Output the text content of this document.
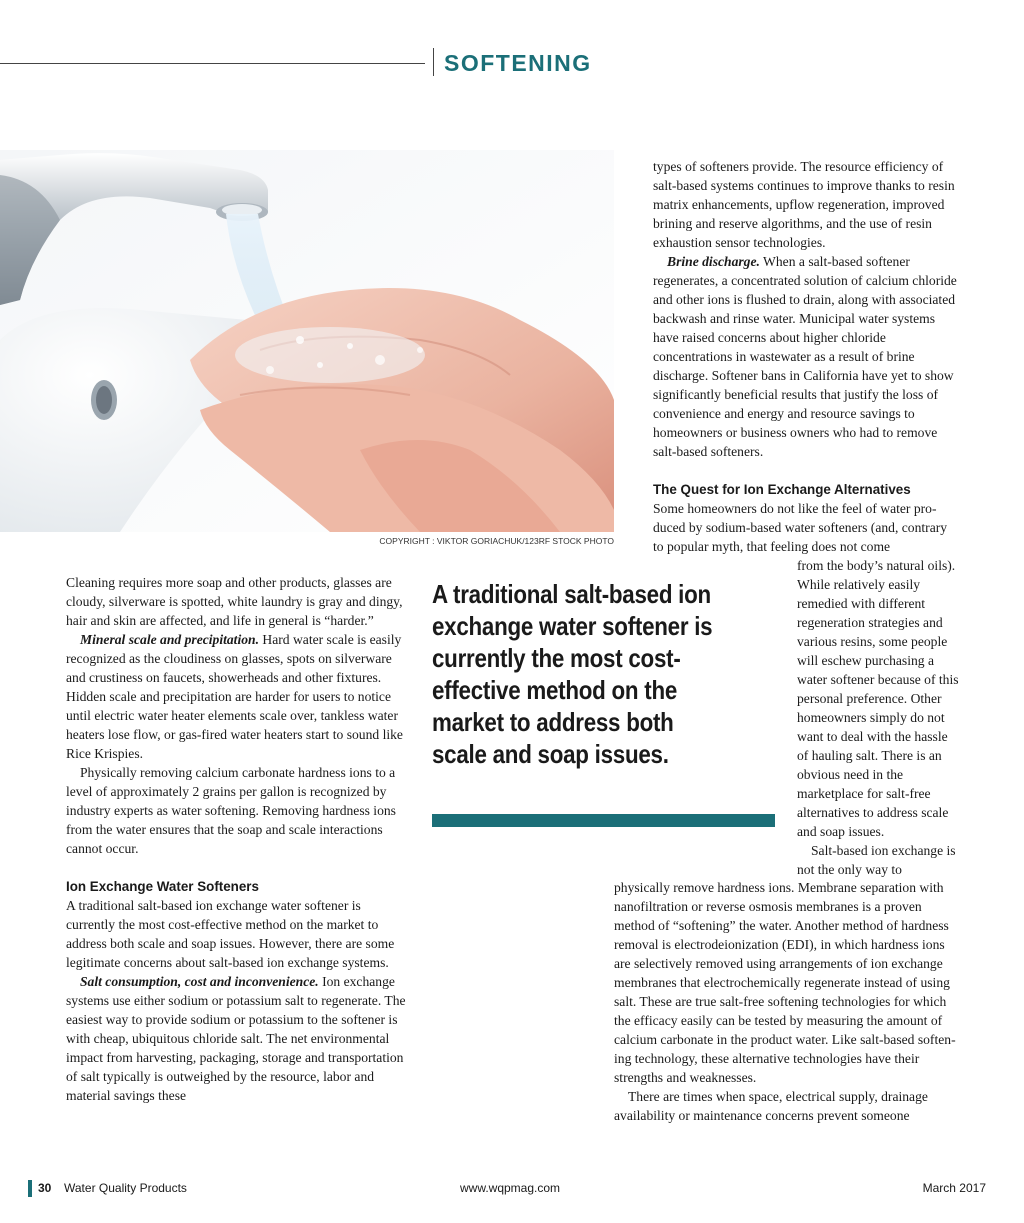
SOFTENING
COPYRIGHT : VIKTOR GORIACHUK/123RF STOCK PHOTO

Cleaning requires more soap and other products, glasses are cloudy, silverware is spotted, white laundry is gray and dingy, hair and skin are affected, and life in general is “harder.”

Mineral scale and precipitation. Hard water scale is easily recognized as the cloudiness on glasses, spots on silverware and crustiness on faucets, showerheads and other fixtures. Hidden scale and precipitation are harder for users to notice until electric water heater elements scale over, tankless water heaters lose flow, or gas-fired water heaters start to sound like Rice Krispies.

Physically removing calcium carbonate hardness ions to a level of approximately 2 grains per gallon is recognized by industry experts as water softening. Removing hardness ions from the water ensures that the soap and scale interactions cannot occur.

Ion Exchange Water Softeners

A traditional salt-based ion exchange water softener is currently the most cost-effective method on the market to address both scale and soap issues. However, there are some legitimate concerns about salt-based ion exchange systems.

Salt consumption, cost and inconvenience. Ion exchange systems use either sodium or potassium salt to regenerate. The easiest way to provide sodium or potassium to the softener is with cheap, ubiquitous chloride salt. The net environmental impact from harvesting, packaging, storage and transportation of salt typically is outweighed by the resource, labor and material savings these

A traditional salt-based ion exchange water softener is currently the most cost-effective method on the market to address both scale and soap issues.

types of softeners provide. The resource efficiency of salt-based systems continues to improve thanks to resin matrix enhancements, upflow regeneration, improved brining and reserve algorithms, and the use of resin exhaustion sensor technologies.

Brine discharge. When a salt-based softener regenerates, a concentrated solution of calcium chloride and other ions is flushed to drain, along with associated backwash and rinse water. Municipal water systems have raised concerns about higher chloride concentrations in wastewater as a result of brine discharge. Softener bans in California have yet to show significantly beneficial results that justify the loss of convenience and energy and resource savings to homeowners or business owners who had to remove salt-based softeners.

The Quest for Ion Exchange Alternatives

Some homeowners do not like the feel of water produced by sodium-based water softeners (and, contrary to popular myth, that feeling does not come

from the body’s natural oils). While relatively easily remedied with different regeneration strategies and various resins, some people will eschew purchasing a water softener because of this personal preference. Other homeowners simply do not want to deal with the hassle of hauling salt. There is an obvious need in the marketplace for salt-free alternatives to address scale and soap issues.

Salt-based ion exchange is not the only way to

physically remove hardness ions. Membrane separation with nanofiltration or reverse osmosis membranes is a proven method of “softening” the water. Another method of hardness removal is electrodeionization (EDI), in which hardness ions are selectively removed using arrangements of ion exchange membranes that electrochemically regenerate instead of using salt. These are true salt-free softening technologies for which the efficacy easily can be tested by measuring the amount of calcium carbonate in the product water. Like salt-based softening technology, these alternative technologies have their strengths and weaknesses.

There are times when space, electrical supply, drainage availability or maintenance concerns prevent someone

30 Water Quality Products	www.wqpmag.com	March 2017
